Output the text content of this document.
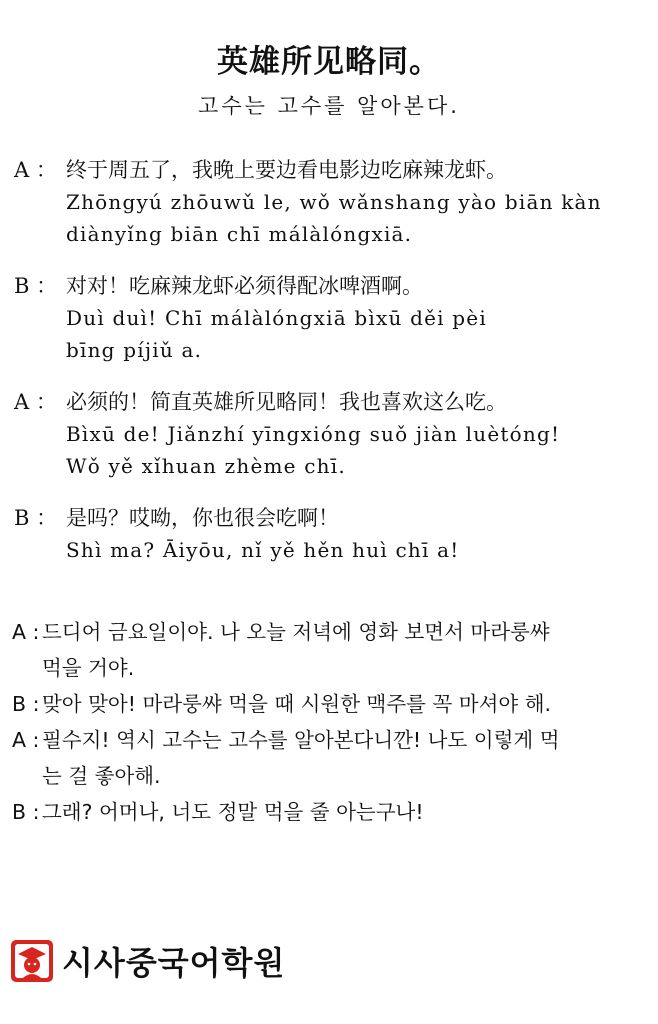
英雄所见略同。
고수는 고수를 알아본다.
A ： 终于周五了，我晚上要边看电影边吃麻辣龙虾。
Zhōngyú zhōuwǔ le, wǒ wǎnshang yào biān kàn
diànyǐng biān chī málàlóngxiā.
B ： 对对！吃麻辣龙虾必须得配冰啤酒啊。
Duì duì! Chī málàlóngxiā bìxū děi pèi
bīng píjiǔ a.
A ： 必须的！简直英雄所见略同！我也喜欢这么吃。
Bìxū de! Jiǎnzhí yīngxióng suǒ jiàn luètóng!
Wǒ yě xǐhuan zhème chī.
B ： 是吗？哎呦，你也很会吃啊！
Shì ma? Āiyōu, nǐ yě hěn huì chī a!
A : 드디어 금요일이야. 나 오늘 저녁에 영화 보면서 마라룽쌰
먹을 거야.
B : 맞아 맞아! 마라룽쌰 먹을 때 시원한 맥주를 꼭 마셔야 해.
A : 필수지! 역시 고수는 고수를 알아본다니깐! 나도 이렇게 먹
는 걸 좋아해.
B : 그래? 어머나, 너도 정말 먹을 줄 아는구나!
시사중국어학원
